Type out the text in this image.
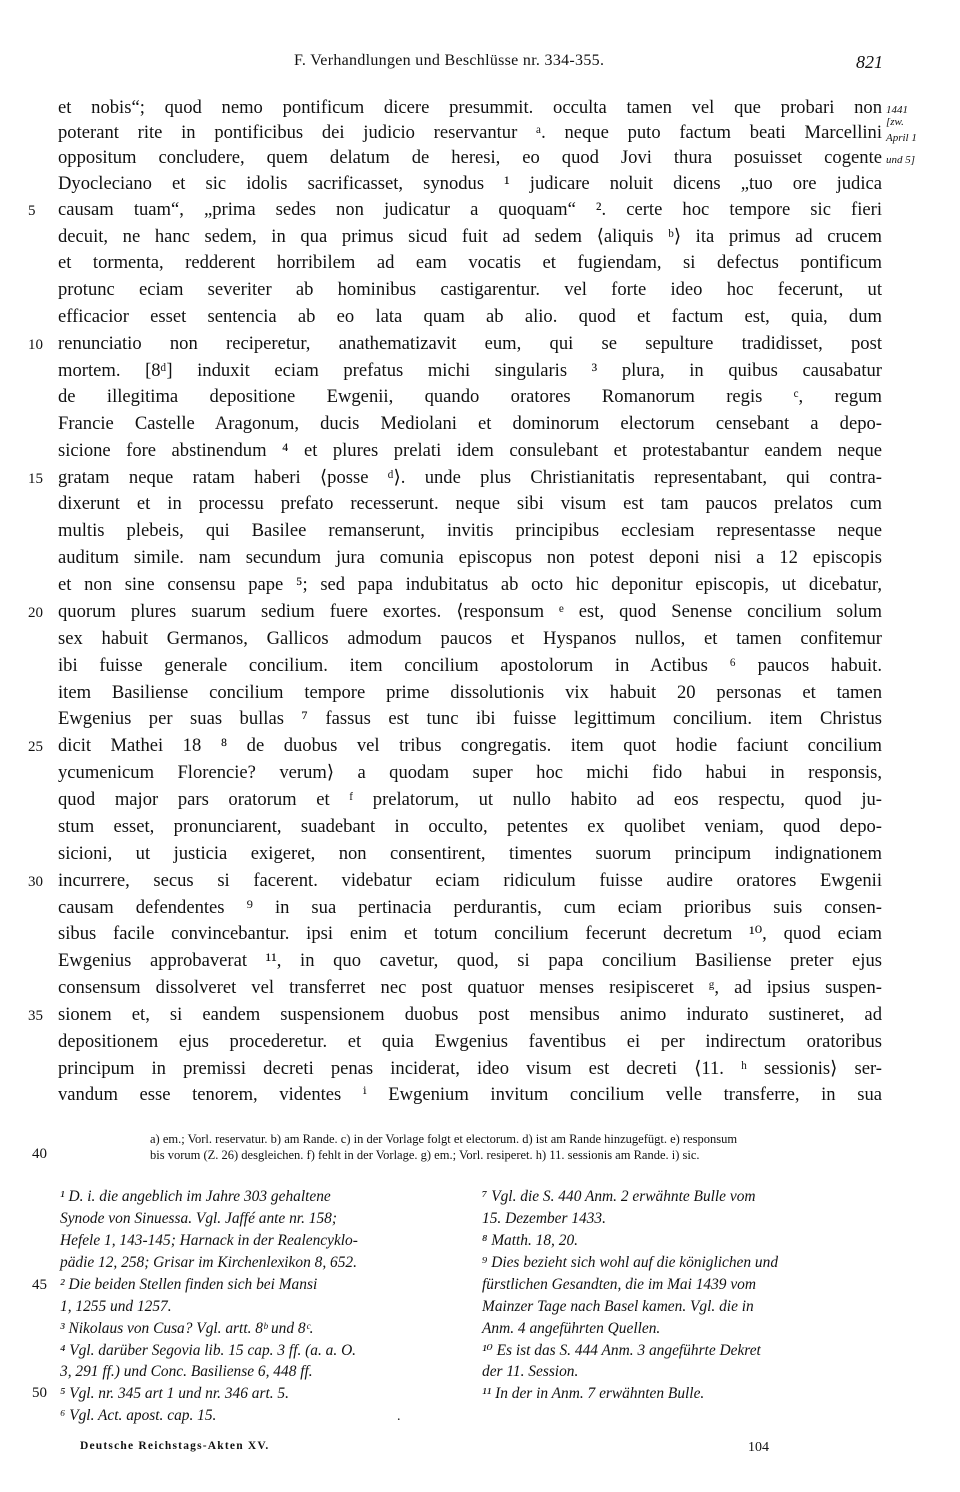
F. Verhandlungen und Beschlüsse nr. 334-355.	821
1441
[zw.
April 1
und 5]
et nobis“; quod nemo pontificum dicere presummit. occulta tamen vel que probari non
poterant rite in pontificibus dei judicio reservantur ᵃ. neque puto factum beati Marcellini
oppositum concludere, quem delatum de heresi, eo quod Jovi thura posuisset cogente
Dyocleciano et sic idolis sacrificasset, synodus ¹ judicare noluit dicens „tuo ore judica
causam tuam“, „prima sedes non judicatur a quoquam“ ². certe hoc tempore sic fieri
decuit, ne hanc sedem, in qua primus sicud fuit ad sedem ⟨aliquis ᵇ⟩ ita primus ad crucem
et tormenta, redderent horribilem ad eam vocatis et fugiendam, si defectus pontificum
protunc eciam severiter ab hominibus castigarentur. vel forte ideo hoc fecerunt, ut
efficacior esset sentencia ab eo lata quam ab alio. quod et factum est, quia, dum
renunciatio non reciperetur, anathematizavit eum, qui se sepulture tradidisset, post
mortem. [8ᵈ] induxit eciam prefatus michi singularis ³ plura, in quibus causabatur
de illegitima depositione Ewgenii, quando oratores Romanorum regis ᶜ, regum
Francie Castelle Aragonum, ducis Mediolani et dominorum electorum censebant a depo-
sicione fore abstinendum ⁴ et plures prelati idem consulebant et protestabantur eandem neque
gratam neque ratam haberi ⟨posse ᵈ⟩. unde plus Christianitatis representabant, qui contra-
dixerunt et in processu prefato recesserunt. neque sibi visum est tam paucos prelatos cum
multis plebeis, qui Basilee remanserunt, invitis principibus ecclesiam representasse neque
auditum simile. nam secundum jura comunia episcopus non potest deponi nisi a 12 episcopis
et non sine consensu pape ⁵; sed papa indubitatus ab octo hic deponitur episcopis, ut dicebatur,
quorum plures suarum sedium fuere exortes. ⟨responsum ᵉ est, quod Senense concilium solum
sex habuit Germanos, Gallicos admodum paucos et Hyspanos nullos, et tamen confitemur
ibi fuisse generale concilium. item concilium apostolorum in Actibus ⁶ paucos habuit.
item Basiliense concilium tempore prime dissolutionis vix habuit 20 personas et tamen
Ewgenius per suas bullas ⁷ fassus est tunc ibi fuisse legittimum concilium. item Christus
dicit Mathei 18 ⁸ de duobus vel tribus congregatis. item quot hodie faciunt concilium
ycumenicum Florencie? verum⟩ a quodam super hoc michi fido habui in responsis,
quod major pars oratorum et ᶠ prelatorum, ut nullo habito ad eos respectu, quod ju-
stum esset, pronunciarent, suadebant in occulto, petentes ex quolibet veniam, quod depo-
sicioni, ut justicia exigeret, non consentirent, timentes suorum principum indignationem
incurrere, secus si facerent. videbatur eciam ridiculum fuisse audire oratores Ewgenii
causam defendentes ⁹ in sua pertinacia perdurantis, cum eciam prioribus suis consen-
sibus facile convincebantur. ipsi enim et totum concilium fecerunt decretum ¹⁰, quod eciam
Ewgenius approbaverat ¹¹, in quo cavetur, quod, si papa concilium Basiliense preter ejus
consensum dissolveret vel transferret nec post quatuor menses resipisceret ᵍ, ad ipsius suspen-
sionem et, si eandem suspensionem duobus post mensibus animo indurato sustineret, ad
depositionem ejus procederetur. et quia Ewgenius faventibus ei per indirectum oratoribus
principum in premissi decreti penas inciderat, ideo visum est decreti ⟨11. ʰ sessionis⟩ ser-
vandum esse tenorem, videntes ⁱ Ewgenium invitum concilium velle transferre, in sua
5
10
15
20
25
30
35
40
45
50
a) em.; Vorl. reservatur. b) am Rande. c) in der Vorlage folgt et electorum. d) ist am Rande hinzugefügt. e) responsum
bis vorum (Z. 26) desgleichen. f) fehlt in der Vorlage. g) em.; Vorl. resiperet. h) 11. sessionis am Rande. i) sic.
¹ D. i. die angeblich im Jahre 303 gehaltene
Synode von Sinuessa. Vgl. Jaffé ante nr. 158;
Hefele 1, 143-145; Harnack in der Realencyklo-
pädie 12, 258; Grisar im Kirchenlexikon 8, 652.
² Die beiden Stellen finden sich bei Mansi
1, 1255 und 1257.
³ Nikolaus von Cusa? Vgl. artt. 8ᵇ und 8ᶜ.
⁴ Vgl. darüber Segovia lib. 15 cap. 3 ff. (a. a. O.
3, 291 ff.) und Conc. Basiliense 6, 448 ff.
⁵ Vgl. nr. 345 art 1 und nr. 346 art. 5.
⁶ Vgl. Act. apost. cap. 15.
⁷ Vgl. die S. 440 Anm. 2 erwähnte Bulle vom
15. Dezember 1433.
⁸ Matth. 18, 20.
⁹ Dies bezieht sich wohl auf die königlichen und
fürstlichen Gesandten, die im Mai 1439 vom
Mainzer Tage nach Basel kamen. Vgl. die in
Anm. 4 angeführten Quellen.
¹⁰ Es ist das S. 444 Anm. 3 angeführte Dekret
der 11. Session.
¹¹ In der in Anm. 7 erwähnten Bulle.
.
Deutsche Reichstags-Akten XV.	104
